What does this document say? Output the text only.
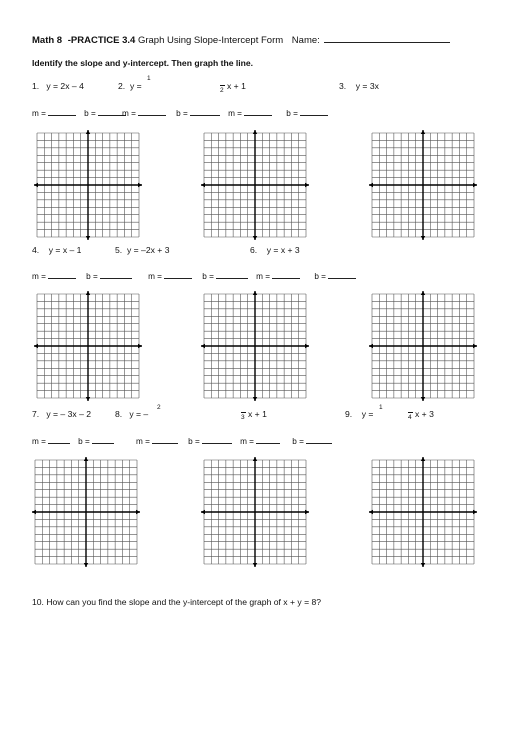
Math 8 -PRACTICE 3.4 Graph Using Slope-Intercept Form Name:
Identify the slope and y-intercept. Then graph the line.
1. y = 2x – 4	2. y =
1
x + 1
2	3. y = 3x
m =	b =	m =	b =	m =	b =
4. y = x – 1	5. y = –2x + 3	6. y = x + 3
m =	b =	m =	b =	m =	b =
7. y = – 3x – 2	8. y = –
2
3 x + 1	9. y =
1
4 x + 3
m =	b =	m =	b =	m =	b =
10. How can you find the slope and the y-intercept of the graph of x + y = 8?
